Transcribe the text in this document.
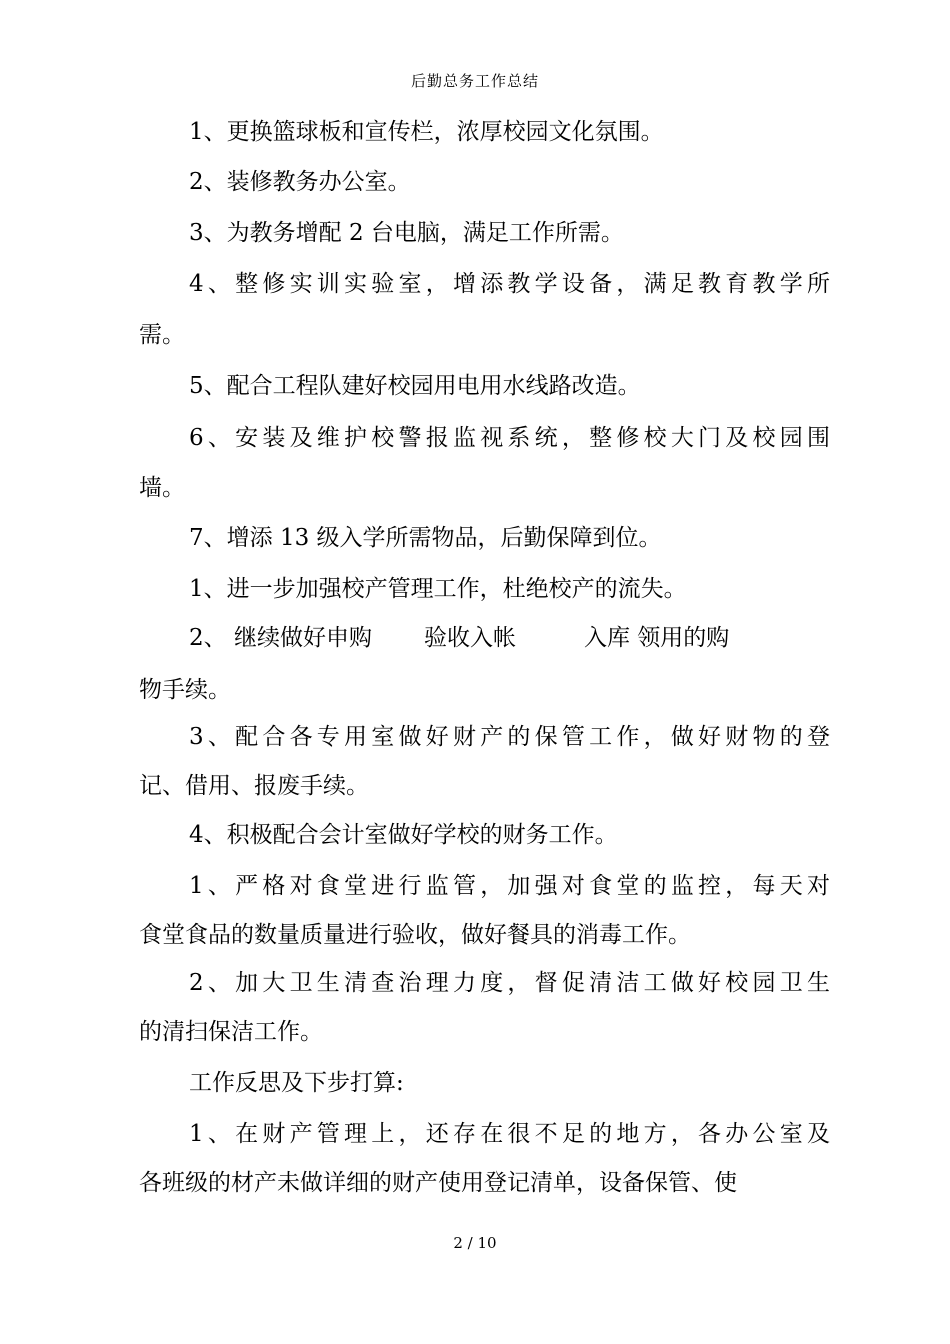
后勤总务工作总结
1、更换篮球板和宣传栏，浓厚校园文化氛围。
2、装修教务办公室。
3、为教务增配 2 台电脑，满足工作所需。
4、整修实训实验室，增添教学设备，满足教育教学所
需。
5、配合工程队建好校园用电用水线路改造。
6、安装及维护校警报监视系统，整修校大门及校园围
墙。
7、增添 13 级入学所需物品，后勤保障到位。
1、进一步加强校产管理工作，杜绝校产的流失。
2、 继续做好申购 验收入帐	入库 领用的购
物手续。
3、配合各专用室做好财产的保管工作，做好财物的登
记、借用、报废手续。
4、积极配合会计室做好学校的财务工作。
1、严格对食堂进行监管，加强对食堂的监控，每天对
食堂食品的数量质量进行验收，做好餐具的消毒工作。
2、加大卫生清查治理力度，督促清洁工做好校园卫生
的清扫保洁工作。
工作反思及下步打算:
1、在财产管理上，还存在很不足的地方，各办公室及
各班级的材产未做详细的财产使用登记清单，设备保管、使
2 / 10
